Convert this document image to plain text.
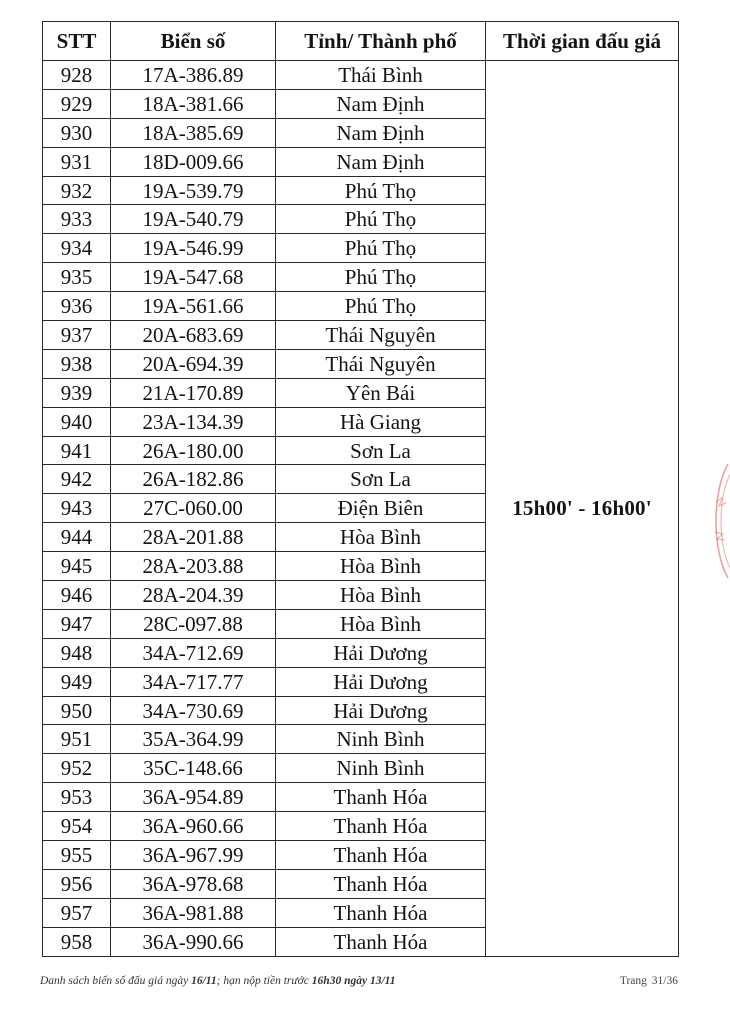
STT	Biển số	Tỉnh/ Thành phố	Thời gian đấu giá
928	17A-386.89	Thái Bình	15h00' - 16h00'
929	18A-381.66	Nam Định	
930	18A-385.69	Nam Định	
931	18D-009.66	Nam Định	
932	19A-539.79	Phú Thọ	
933	19A-540.79	Phú Thọ	
934	19A-546.99	Phú Thọ	
935	19A-547.68	Phú Thọ	
936	19A-561.66	Phú Thọ	
937	20A-683.69	Thái Nguyên	
938	20A-694.39	Thái Nguyên	
939	21A-170.89	Yên Bái	
940	23A-134.39	Hà Giang	
941	26A-180.00	Sơn La	
942	26A-182.86	Sơn La	
943	27C-060.00	Điện Biên	
944	28A-201.88	Hòa Bình	
945	28A-203.88	Hòa Bình	
946	28A-204.39	Hòa Bình	
947	28C-097.88	Hòa Bình	
948	34A-712.69	Hải Dương	
949	34A-717.77	Hải Dương	
950	34A-730.69	Hải Dương	
951	35A-364.99	Ninh Bình	
952	35C-148.66	Ninh Bình	
953	36A-954.89	Thanh Hóa	
954	36A-960.66	Thanh Hóa	
955	36A-967.99	Thanh Hóa	
956	36A-978.68	Thanh Hóa	
957	36A-981.88	Thanh Hóa	
958	36A-990.66	Thanh Hóa	
Danh sách biển số đấu giá ngày 16/11; hạn nộp tiền trước 16h30 ngày 13/11	Trang 31/36
